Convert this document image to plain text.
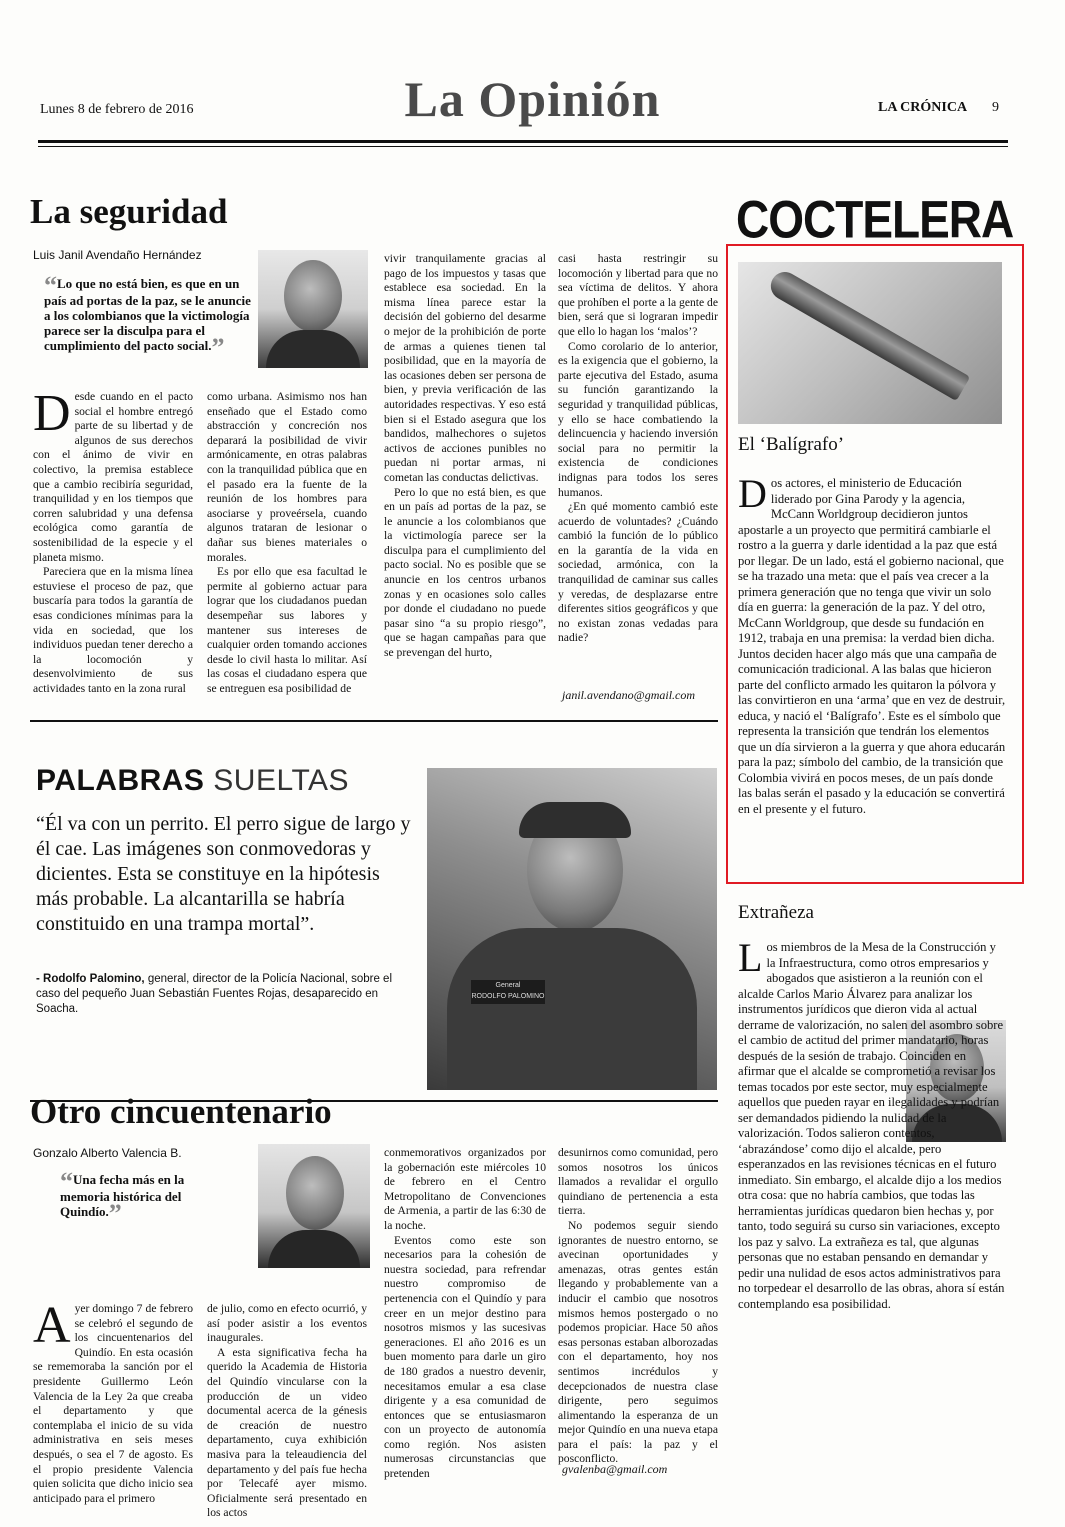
Lunes 8 de febrero de 2016	La Opinión	LA CRÓNICA 9
La seguridad
Luis Janil Avendaño Hernández
“Lo que no está bien, es que en un país ad portas de la paz, se le anuncie a los colombianos que la victimología parece ser la disculpa para el cumplimiento del pacto social.”

Desde cuando en el pacto social el hombre entregó parte de su libertad y de algunos de sus derechos con el ánimo de vivir en colectivo, la premisa establece que a cambio recibiría seguridad, tranquilidad y en los tiempos que corren salubridad y una defensa ecológica como garantía de sostenibilidad de la especie y el planeta mismo.

Pareciera que en la misma línea estuviese el proceso de paz, que buscaría para todos la garantía de esas condiciones mínimas para la vida en sociedad, que los individuos puedan tener derecho a la locomoción y desenvolvimiento de sus actividades tanto en la zona rural

como urbana. Asimismo nos han enseñado que el Estado como abstracción y concreción nos deparará la posibilidad de vivir armónicamente, en otras palabras con la tranquilidad pública que en el pasado era la fuente de la reunión de los hombres para asociarse y proveérsela, cuando algunos trataran de lesionar o dañar sus bienes materiales o morales.

Es por ello que esa facultad le permite al gobierno actuar para lograr que los ciudadanos puedan desempeñar sus labores y mantener sus intereses de cualquier orden tomando acciones desde lo civil hasta lo militar. Así las cosas el ciudadano espera que se entreguen esa posibilidad de

vivir tranquilamente gracias al pago de los impuestos y tasas que establece esa sociedad. En la misma línea parece estar la decisión del gobierno del desarme o mejor de la prohibición de porte de armas a quienes tienen tal posibilidad, que en la mayoría de las ocasiones deben ser persona de bien, y previa verificación de las autoridades respectivas. Y eso está bien si el Estado asegura que los bandidos, malhechores o sujetos activos de acciones punibles no puedan ni portar armas, ni cometan las conductas delictivas.

Pero lo que no está bien, es que en un país ad portas de la paz, se le anuncie a los colombianos que la victimología parece ser la disculpa para el cumplimiento del pacto social. No es posible que se anuncie en los centros urbanos zonas y en ocasiones solo calles por donde el ciudadano no puede pasar sino “a su propio riesgo”, que se hagan campañas para que se prevengan del hurto,

casi hasta restringir su locomoción y libertad para que no sea víctima de delitos. Y ahora que prohíben el porte a la gente de bien, será que si lograran impedir que ello lo hagan los ‘malos’?

Como corolario de lo anterior, es la exigencia que el gobierno, la parte ejecutiva del Estado, asuma su función garantizando la seguridad y tranquilidad públicas, y ello se hace combatiendo la delincuencia y haciendo inversión social para no permitir la existencia de condiciones indignas para todos los seres humanos.

¿En qué momento cambió este acuerdo de voluntades? ¿Cuándo cambió la función de lo público en la garantía de la vida en sociedad, armónica, con la tranquilidad de caminar sus calles y veredas, de desplazarse entre diferentes sitios geográficos y que no existan zonas vedadas para nadie?

janil.avendano@gmail.com
PALABRAS SUELTAS
“Él va con un perrito. El perro sigue de largo y él cae. Las imágenes son conmovedoras y dicientes. Esta se constituye en la hipótesis más probable. La alcantarilla se habría constituido en una trampa mortal”.
- Rodolfo Palomino, general, director de la Policía Nacional, sobre el caso del pequeño Juan Sebastián Fuentes Rojas, desaparecido en Soacha.
General
RODOLFO PALOMINO
Otro cincuentenario
Gonzalo Alberto Valencia B.
“Una fecha más en la memoria histórica del Quindío.”

Ayer domingo 7 de febrero se celebró el segundo de los cincuentenarios del Quindío. En esta ocasión se rememoraba la sanción por el presidente Guillermo León Valencia de la Ley 2a que creaba el departamento y que contemplaba el inicio de su vida administrativa en seis meses después, o sea el 7 de agosto. Es el propio presidente Valencia quien solicita que dicho inicio sea anticipado para el primero

de julio, como en efecto ocurrió, y así poder asistir a los eventos inaugurales.

A esta significativa fecha ha querido la Academia de Historia del Quindío vincularse con la producción de un video documental acerca de la génesis de creación de nuestro departamento, cuya exhibición masiva para la teleaudiencia del departamento y del país fue hecha por Telecafé ayer mismo. Oficialmente será presentado en los actos

conmemorativos organizados por la gobernación este miércoles 10 de febrero en el Centro Metropolitano de Convenciones de Armenia, a partir de las 6:30 de la noche.

Eventos como este son necesarios para la cohesión de nuestra sociedad, para refrendar nuestro compromiso de pertenencia con el Quindío y para creer en un mejor destino para nosotros mismos y las sucesivas generaciones. El año 2016 es un buen momento para darle un giro de 180 grados a nuestro devenir, necesitamos emular a esa clase dirigente y a esa comunidad de entonces que se entusiasmaron con un proyecto de autonomía como región. Nos asisten numerosas circunstancias que pretenden

desunirnos como comunidad, pero somos nosotros los únicos llamados a revalidar el orgullo quindiano de pertenencia a esta tierra.

No podemos seguir siendo ignorantes de nuestro entorno, se avecinan oportunidades y amenazas, otras gentes están llegando y probablemente van a inducir el cambio que nosotros mismos hemos postergado o no podemos propiciar. Hace 50 años esas personas estaban alborozadas con el departamento, hoy nos sentimos incrédulos y decepcionados de nuestra clase dirigente, pero seguimos alimentando la esperanza de un mejor Quindío en una nueva etapa para el país: la paz y el posconflicto.

gvalenba@gmail.com
COCTELERA
El ‘Balígrafo’

Dos actores, el ministerio de Educación liderado por Gina Parody y la agencia, McCann Worldgroup decidieron juntos apostarle a un proyecto que permitirá cambiarle el rostro a la guerra y darle identidad a la paz que está por llegar. De un lado, está el gobierno nacional, que se ha trazado una meta: que el país vea crecer a la primera generación que no tenga que vivir un solo día en guerra: la generación de la paz. Y del otro, McCann Worldgroup, que desde su fundación en 1912, trabaja en una premisa: la verdad bien dicha. Juntos deciden hacer algo más que una campaña de comunicación tradicional. A las balas que hicieron parte del conflicto armado les quitaron la pólvora y las convirtieron en una ‘arma’ que en vez de destruir, educa, y nació el ‘Balígrafo’. Este es el símbolo que representa la transición que tendrán los elementos que un día sirvieron a la guerra y que ahora educarán para la paz; símbolo del cambio, de la transición que Colombia vivirá en pocos meses, de un país donde las balas serán el pasado y la educación se convertirá en el presente y el futuro.

Extrañeza

Los miembros de la Mesa de la Construcción y la Infraestructura, como otros empresarios y abogados que asistieron a la reunión con el alcalde Carlos Mario Álvarez para analizar los instrumentos jurídicos que dieron vida al actual derrame de valorización, no salen del asombro sobre el cambio de actitud del primer mandatario, horas después de la sesión de trabajo. Coinciden en afirmar que el alcalde se comprometió a revisar los temas tocados por este sector, muy especialmente aquellos que pueden rayar en ilegalidades y podrían ser demandados pidiendo la nulidad de la valorización. Todos salieron contentos, ‘abrazándose’ como dijo el alcalde, pero esperanzados en las revisiones técnicas en el futuro inmediato. Sin embargo, el alcalde dijo a los medios otra cosa: que no habría cambios, que todas las herramientas jurídicas quedaron bien hechas y, por tanto, todo seguirá su curso sin variaciones, excepto los paz y salvo. La extrañeza es tal, que algunas personas que no estaban pensando en demandar y pedir una nulidad de esos actos administrativos para no torpedear el desarrollo de las obras, ahora sí están contemplando esa posibilidad.
